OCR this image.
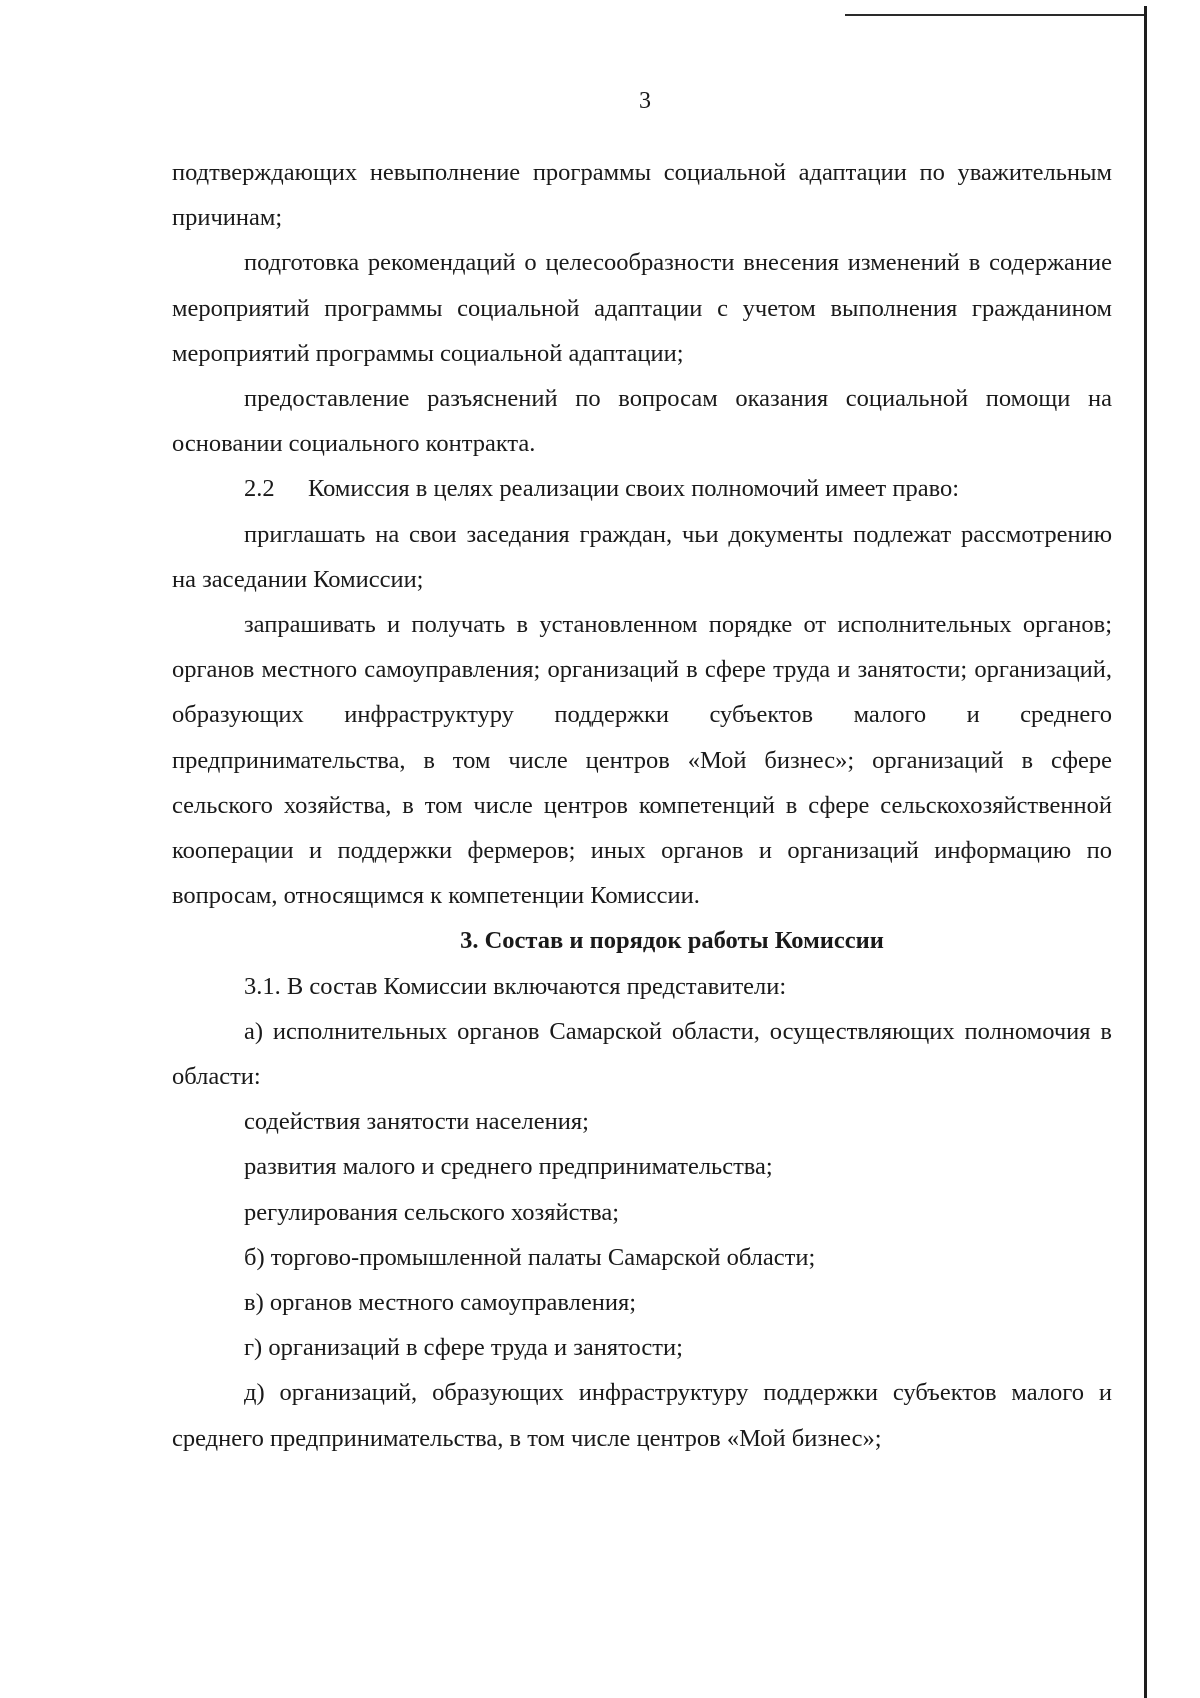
3

подтверждающих невыполнение программы социальной адаптации по уважительным причинам;

подготовка рекомендаций о целесообразности внесения изменений в содержание мероприятий программы социальной адаптации с учетом выполнения гражданином мероприятий программы социальной адаптации;

предоставление разъяснений по вопросам оказания социальной помощи на основании социального контракта.

2.2 Комиссия в целях реализации своих полномочий имеет право:

приглашать на свои заседания граждан, чьи документы подлежат рассмотрению на заседании Комиссии;

запрашивать и получать в установленном порядке от исполнительных органов; органов местного самоуправления; организаций в сфере труда и занятости; организаций, образующих инфраструктуру поддержки субъектов малого и среднего предпринимательства, в том числе центров «Мой бизнес»; организаций в сфере сельского хозяйства, в том числе центров компетенций в сфере сельскохозяйственной кооперации и поддержки фермеров; иных органов и организаций информацию по вопросам, относящимся к компетенции Комиссии.

3. Состав и порядок работы Комиссии

3.1. В состав Комиссии включаются представители:

а) исполнительных органов Самарской области, осуществляющих полномочия в области:

содействия занятости населения;

развития малого и среднего предпринимательства;

регулирования сельского хозяйства;

б) торгово-промышленной палаты Самарской области;

в) органов местного самоуправления;

г) организаций в сфере труда и занятости;

д) организаций, образующих инфраструктуру поддержки субъектов малого и среднего предпринимательства, в том числе центров «Мой бизнес»;
